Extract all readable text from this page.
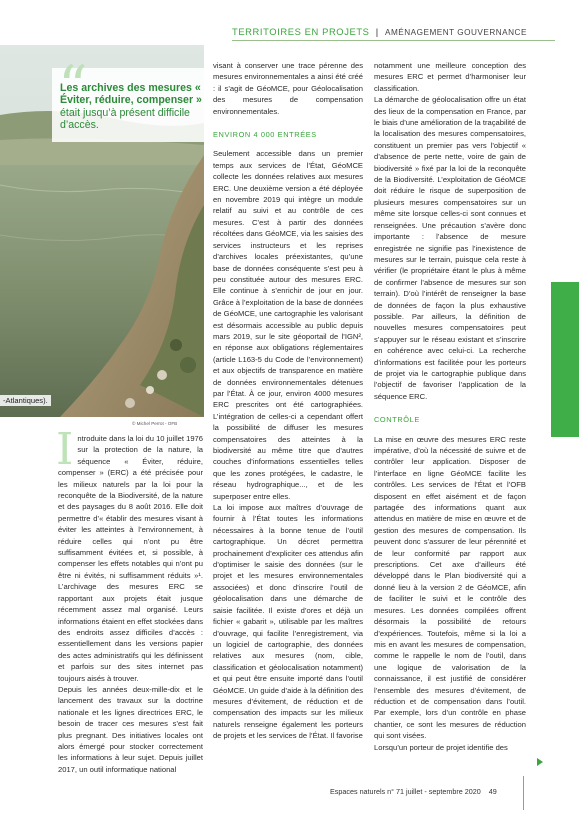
TERRITOIRES EN PROJETS | AMÉNAGEMENT GOUVERNANCE
“
Les archives des mesures « Éviter, réduire, compenser » était jusqu’à présent difficile d’accès.
-Atlantiques).
© Michel Perrot - OFB

Introduite dans la loi du 10 juillet 1976 sur la protection de la nature, la séquence « Éviter, réduire, compenser » (ERC) a été précisée pour les milieux naturels par la loi pour la reconquête de la Biodiversité, de la nature et des paysages du 8 août 2016. Elle doit permettre d’« établir des mesures visant à éviter les atteintes à l’environnement, à réduire celles qui n’ont pu être suffisamment évitées et, si possible, à compenser les effets notables qui n’ont pu être ni évités, ni suffisamment réduits »¹. L’archivage des mesures ERC se rapportant aux projets était jusque récemment assez mal organisé. Leurs informations étaient en effet stockées dans des endroits assez difficiles d’accès : essentiellement dans les versions papier des actes administratifs qui les définissent et parfois sur des sites internet pas toujours aisés à trouver.

Depuis les années deux-mille-dix et le lancement des travaux sur la doctrine nationale et les lignes directrices ERC, le besoin de tracer ces mesures s’est fait plus pregnant. Des initiatives locales ont alors émergé pour stocker correctement les informations à leur sujet. Depuis juillet 2017, un outil informatique national

visant à conserver une trace pérenne des mesures environnementales a ainsi été créé : il s’agit de GéoMCE, pour Géolocalisation des mesures de compensation environnementales.

ENVIRON 4 000 ENTRÉES

Seulement accessible dans un premier temps aux services de l’État, GéoMCE collecte les données relatives aux mesures ERC. Une deuxième version a été déployée en novembre 2019 qui intègre un module relatif au suivi et au contrôle de ces mesures. C’est à partir des données récoltées dans GéoMCE, via les saisies des services instructeurs et les reprises d’archives locales préexistantes, qu’une base de données conséquente s’est peu à peu constituée autour des mesures ERC. Elle continue à s’enrichir de jour en jour. Grâce à l’exploitation de la base de données de GéoMCE, une cartographie les valorisant est désormais accessible au public depuis mars 2019, sur le site géoportail de l’IGN², en réponse aux obligations réglementaires (article L163-5 du Code de l’environnement) et aux objectifs de transparence en matière de données environnementales détenues par l’État. À ce jour, environ 4000 mesures ERC prescrites ont été cartographiées. L’intégration de celles-ci a cependant offert la possibilité de diffuser les mesures compensatoires des atteintes à la biodiversité au même titre que d’autres couches d’informations essentielles telles que les zones protégées, le cadastre, le réseau hydrographique..., et de les superposer entre elles.

La loi impose aux maîtres d’ouvrage de fournir à l’État toutes les informations nécessaires à la bonne tenue de l’outil cartographique. Un décret permettra prochainement d’expliciter ces attendus afin d’optimiser le saisie des données (sur le projet et les mesures environnementales associées) et donc d’inscrire l’outil de géolocalisation dans une démarche de saisie facilitée. Il existe d’ores et déjà un fichier « gabarit », utilisable par les maîtres d’ouvrage, qui facilite l’enregistrement, via un logiciel de cartographie, des données relatives aux mesures (nom, cible, classification et géolocalisation notamment) et qui peut être ensuite importé dans l’outil GéoMCE. Un guide d’aide à la définition des mesures d’évitement, de réduction et de compensation des impacts sur les milieux naturels renseigne également les porteurs de projets et les services de l’État. Il favorise

notamment une meilleure conception des mesures ERC et permet d’harmoniser leur classification.

La démarche de géolocalisation offre un état des lieux de la compensation en France, par le biais d’une amélioration de la traçabilité de la localisation des mesures compensatoires, constituent un premier pas vers l’objectif « d’absence de perte nette, voire de gain de biodiversité » fixé par la loi de la reconquête de la Biodiversité. L’exploitation de GéoMCE doit réduire le risque de superposition de plusieurs mesures compensatoires sur un même site lorsque celles-ci sont connues et renseignées. Une précaution s’avère donc importante : l’absence de mesure enregistrée ne signifie pas l’inexistence de mesures sur le terrain, puisque cela reste à vérifier (le propriétaire étant le plus à même de confirmer l’absence de mesures sur son terrain). D’où l’intérêt de renseigner la base de données de façon la plus exhaustive possible. Par ailleurs, la définition de nouvelles mesures compensatoires peut s’appuyer sur le réseau existant et s’inscrire en cohérence avec celui-ci. La recherche d’informations est facilitée pour les porteurs de projet via le cartographie publique dans l’objectif de favoriser l’application de la séquence ERC.

CONTRÔLE

La mise en œuvre des mesures ERC reste impérative, d’où la nécessité de suivre et de contrôler leur application. Disposer de l’interface en ligne GéoMCE facilite les contrôles. Les services de l’État et l’OFB disposent en effet aisément et de façon partagée des informations quant aux attendus en matière de mise en œuvre et de gestion des mesures de compensation. Ils peuvent donc s’assurer de leur pérennité et de leur conformité par rapport aux prescriptions. Cet axe d’ailleurs été développé dans le Plan biodiversité qui a donné lieu à la version 2 de GéoMCE, afin de faciliter le suivi et le contrôle des mesures. Les données compilées offrent désormais la possibilité de retours d’expériences. Toutefois, même si la loi a mis en avant les mesures de compensation, comme le rappelle le nom de l’outil, dans une logique de valorisation de la connaissance, il est justifié de considérer l’ensemble des mesures d’évitement, de réduction et de compensation dans l’outil. Par exemple, lors d’un contrôle en phase chantier, ce sont les mesures de réduction qui sont visées.

Lorsqu’un porteur de projet identifie des

Espaces naturels n° 71 juillet - septembre 2020 49
